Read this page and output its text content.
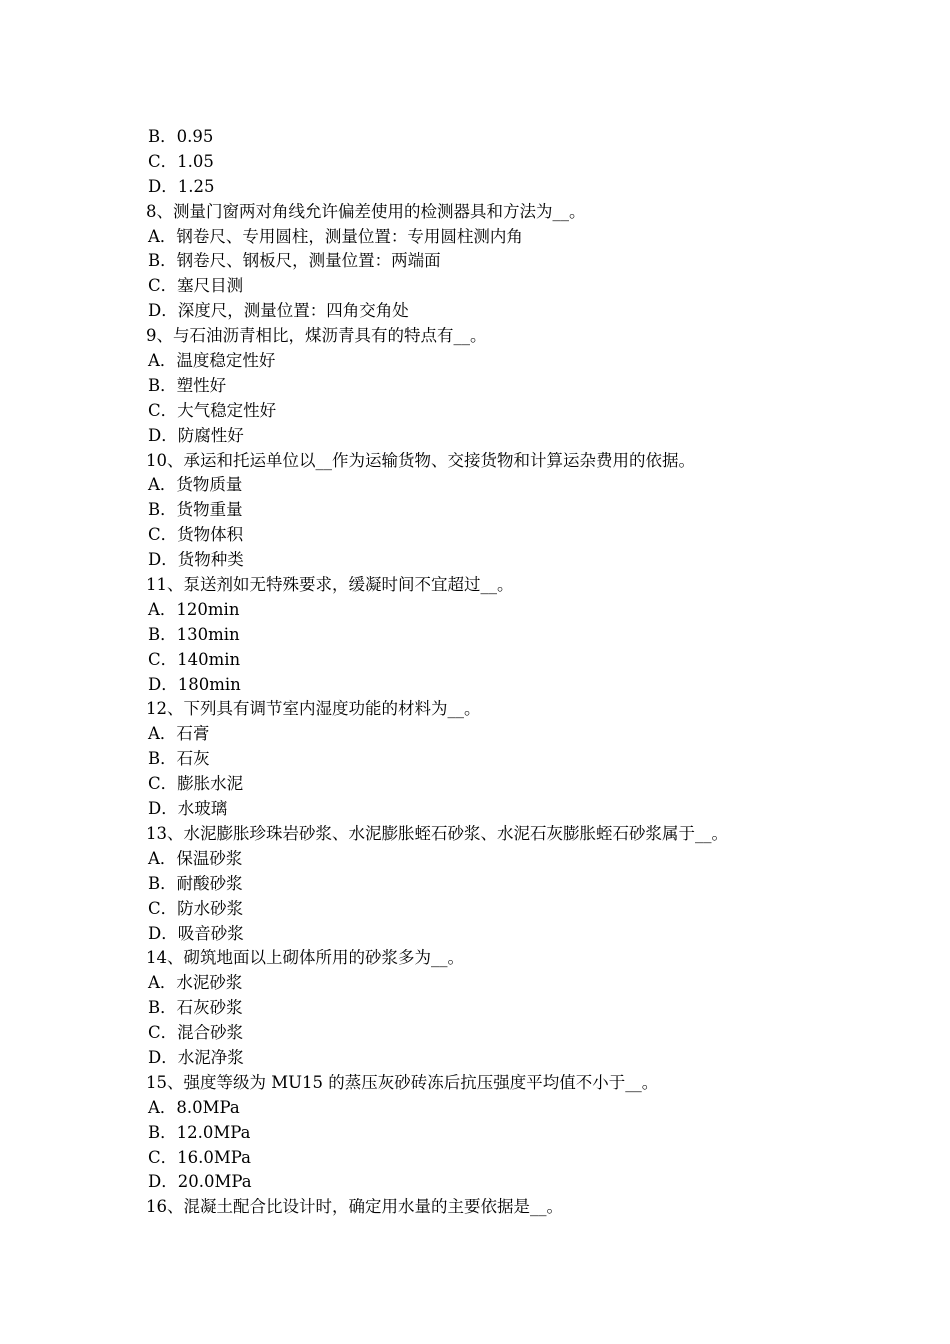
B．0.95
C．1.05
D．1.25
8、测量门窗两对角线允许偏差使用的检测器具和方法为__。
A．钢卷尺、专用圆柱，测量位置：专用圆柱测内角
B．钢卷尺、钢板尺，测量位置：两端面
C．塞尺目测
D．深度尺，测量位置：四角交角处
9、与石油沥青相比，煤沥青具有的特点有__。
A．温度稳定性好
B．塑性好
C．大气稳定性好
D．防腐性好
10、承运和托运单位以__作为运输货物、交接货物和计算运杂费用的依据。
A．货物质量
B．货物重量
C．货物体积
D．货物种类
11、泵送剂如无特殊要求，缓凝时间不宜超过__。
A．120min
B．130min
C．140min
D．180min
12、下列具有调节室内湿度功能的材料为__。
A．石膏
B．石灰
C．膨胀水泥
D．水玻璃
13、水泥膨胀珍珠岩砂浆、水泥膨胀蛭石砂浆、水泥石灰膨胀蛭石砂浆属于__。
A．保温砂浆
B．耐酸砂浆
C．防水砂浆
D．吸音砂浆
14、砌筑地面以上砌体所用的砂浆多为__。
A．水泥砂浆
B．石灰砂浆
C．混合砂浆
D．水泥净浆
15、强度等级为 MU15 的蒸压灰砂砖冻后抗压强度平均值不小于__。
A．8.0MPa
B．12.0MPa
C．16.0MPa
D．20.0MPa
16、混凝土配合比设计时，确定用水量的主要依据是__。
